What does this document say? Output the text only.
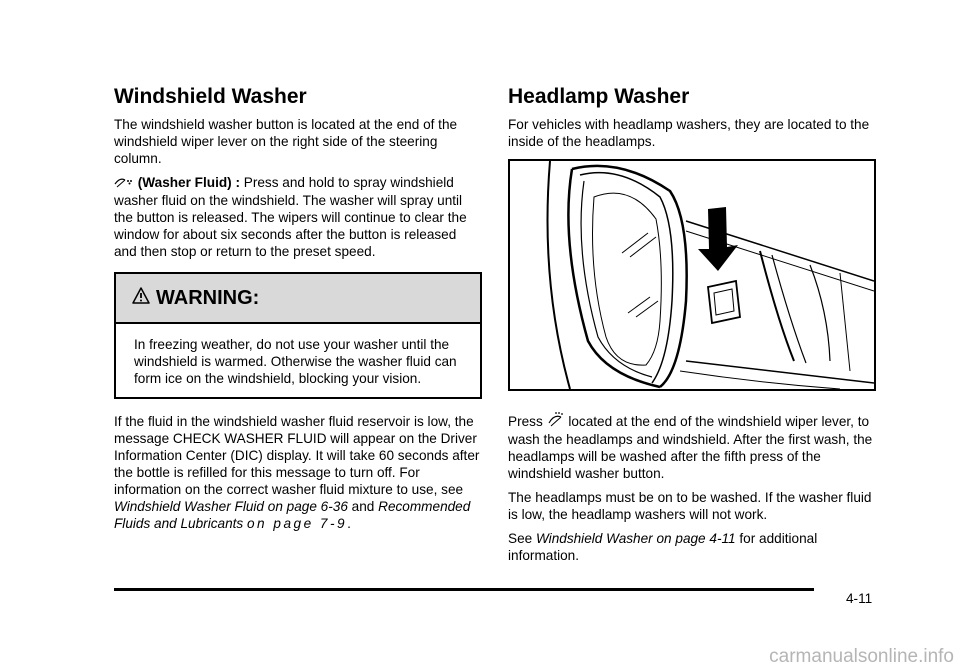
Windshield Washer

The windshield washer button is located at the end of the windshield wiper lever on the right side of the steering column.

(Washer Fluid) : Press and hold to spray windshield washer fluid on the windshield. The washer will spray until the button is released. The wipers will continue to clear the window for about six seconds after the button is released and then stop or return to the preset speed.

WARNING:

In freezing weather, do not use your washer until the windshield is warmed. Otherwise the washer fluid can form ice on the windshield, blocking your vision.

If the fluid in the windshield washer fluid reservoir is low, the message CHECK WASHER FLUID will appear on the Driver Information Center (DIC) display. It will take 60 seconds after the bottle is refilled for this message to turn off. For information on the correct washer fluid mixture to use, see Windshield Washer Fluid on page 6-36 and Recommended Fluids and Lubricants on page 7-9.

Headlamp Washer

For vehicles with headlamp washers, they are located to the inside of the headlamps.

Press located at the end of the windshield wiper lever, to wash the headlamps and windshield. After the first wash, the headlamps will be washed after the fifth press of the windshield washer button.

The headlamps must be on to be washed. If the washer fluid is low, the headlamp washers will not work.

See Windshield Washer on page 4-11 for additional information.

4-11
carmanualsonline.info
